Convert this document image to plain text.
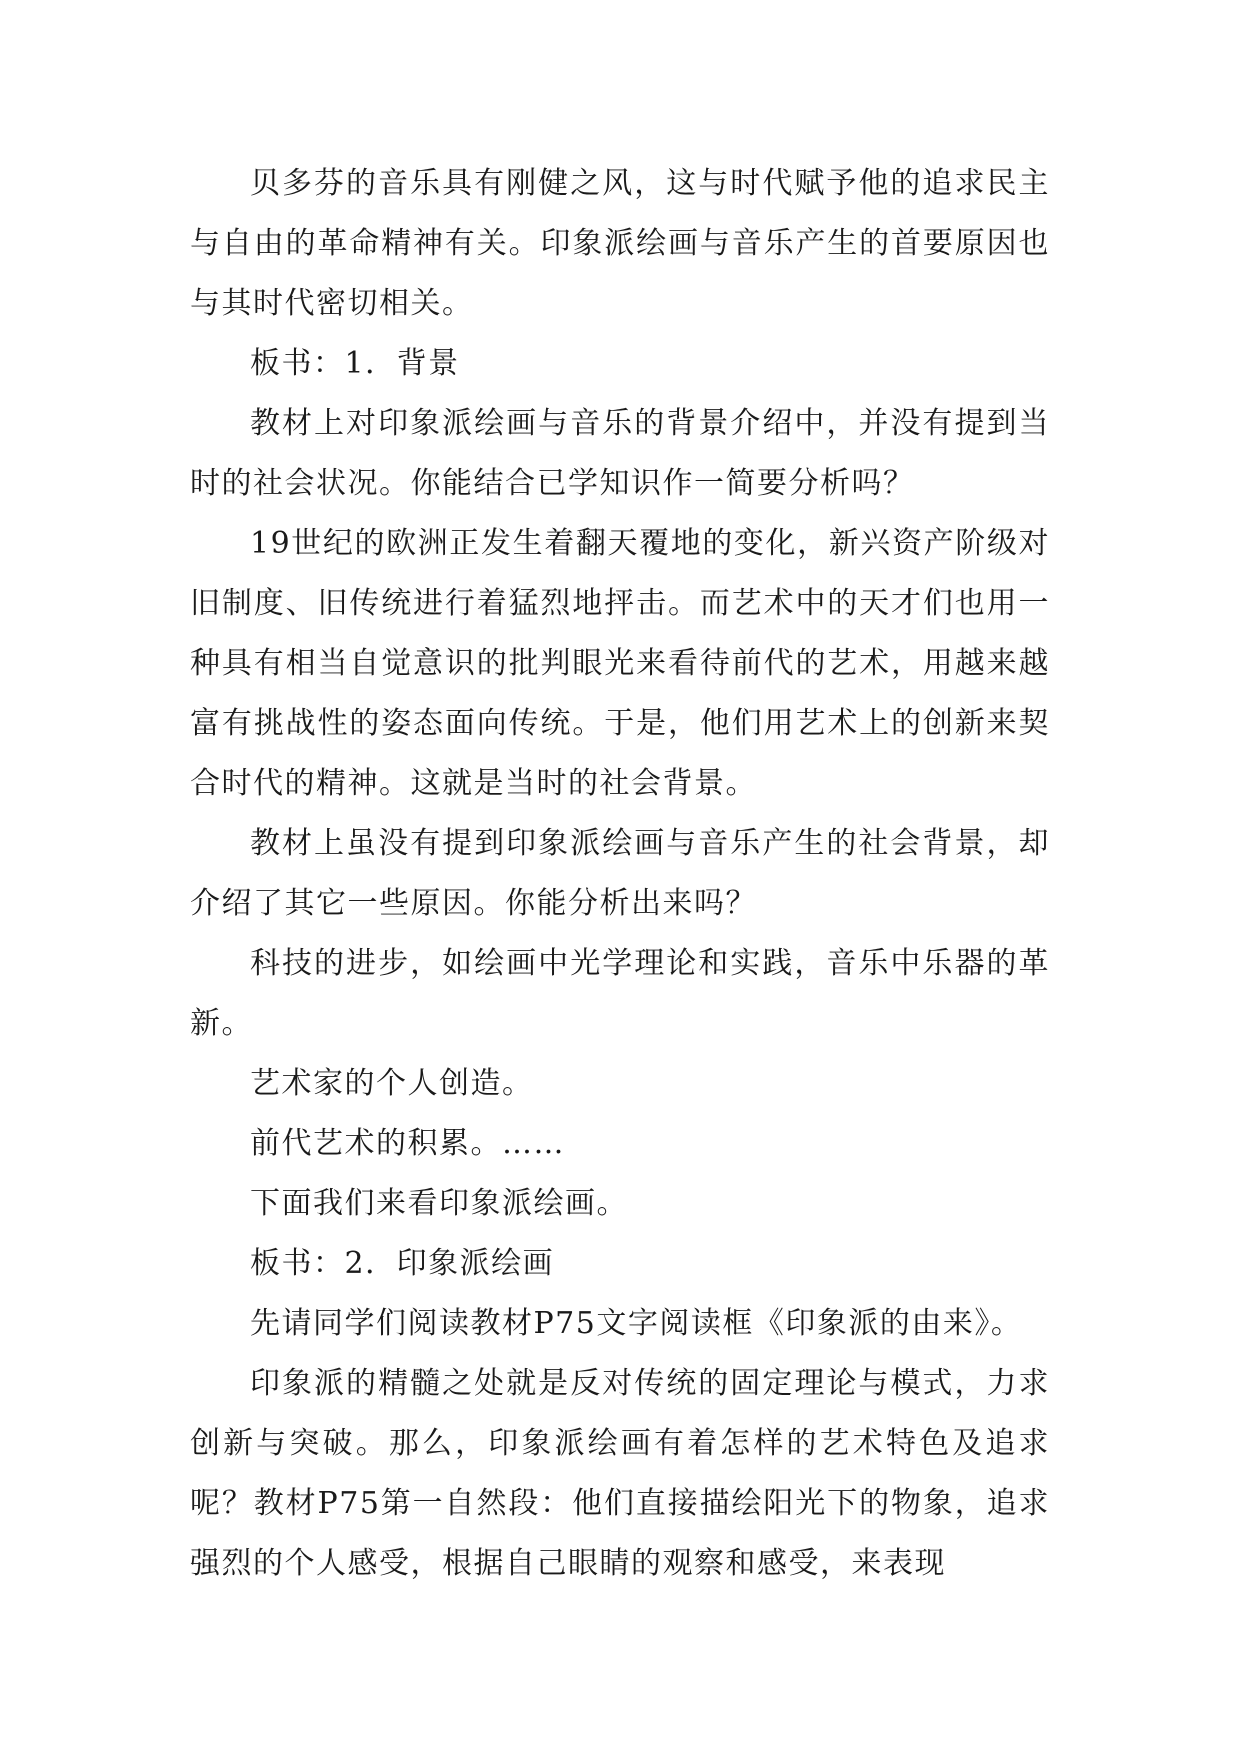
贝多芬的音乐具有刚健之风，这与时代赋予他的追求民主与自由的革命精神有关。印象派绘画与音乐产生的首要原因也与其时代密切相关。

板书：1．背景

教材上对印象派绘画与音乐的背景介绍中，并没有提到当时的社会状况。你能结合已学知识作一简要分析吗？

19世纪的欧洲正发生着翻天覆地的变化，新兴资产阶级对旧制度、旧传统进行着猛烈地抨击。而艺术中的天才们也用一种具有相当自觉意识的批判眼光来看待前代的艺术，用越来越富有挑战性的姿态面向传统。于是，他们用艺术上的创新来契合时代的精神。这就是当时的社会背景。

教材上虽没有提到印象派绘画与音乐产生的社会背景，却介绍了其它一些原因。你能分析出来吗？

科技的进步，如绘画中光学理论和实践，音乐中乐器的革新。

艺术家的个人创造。

前代艺术的积累。……

下面我们来看印象派绘画。

板书：2．印象派绘画

先请同学们阅读教材P75文字阅读框《印象派的由来》。

印象派的精髓之处就是反对传统的固定理论与模式，力求创新与突破。那么，印象派绘画有着怎样的艺术特色及追求呢？教材P75第一自然段：他们直接描绘阳光下的物象，追求强烈的个人感受，根据自己眼睛的观察和感受，来表现
